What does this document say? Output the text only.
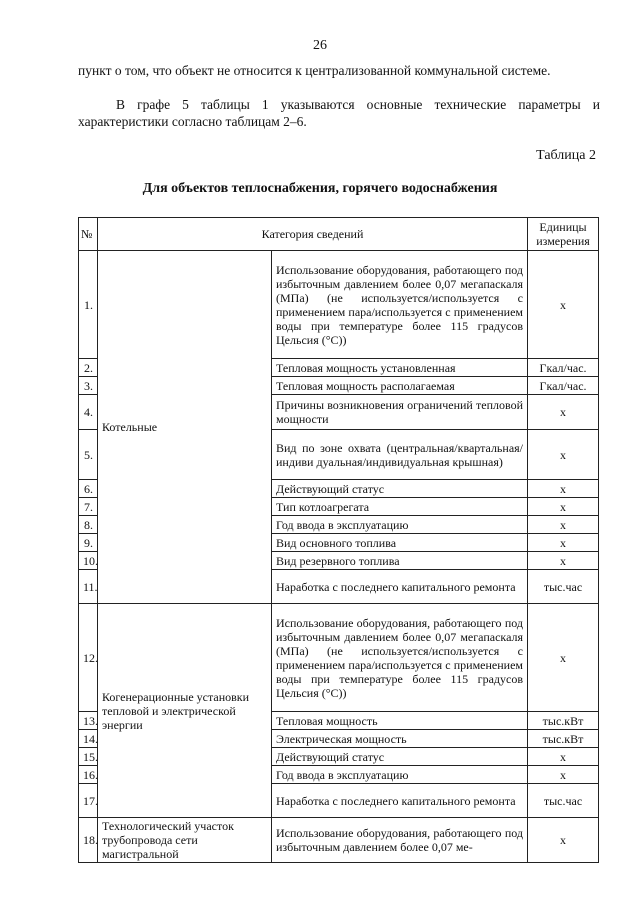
26
пункт о том, что объект не относится к централизованной коммунальной системе.
В графе 5 таблицы 1 указываются основные технические параметры и характеристики согласно таблицам 2–6.
Таблица 2
Для объектов теплоснабжения, горячего водоснабжения
№	Категория сведений		Единицы измерения
1.	Котельные	Использование оборудования, работающего под избыточным давлением более 0,07 мегапаскаля (МПа) (не используется/используется с применением пара/используется с применением воды при температуре более 115 градусов Цельсия (°С))	х
2.		Тепловая мощность установленная	Гкал/час.
3.		Тепловая мощность располагаемая	Гкал/час.
4.		Причины возникновения ограничений тепловой мощности	х
5.		Вид по зоне охвата (центральная/квартальная/индиви дуальная/индивидуальная крышная)	х
6.		Действующий статус	х
7.		Тип котлоагрегата	х
8.		Год ввода в эксплуатацию	х
9.		Вид основного топлива	х
10.		Вид резервного топлива	х
11.		Наработка с последнего капитального ремонта	тыс.час
12.	Когенерационные установки тепловой и электрической энергии	Использование оборудования, работающего под избыточным давлением более 0,07 мегапаскаля (МПа) (не используется/используется с применением пара/используется с применением воды при температуре более 115 градусов Цельсия (°С))	х
13.		Тепловая мощность	тыс.кВт
14.		Электрическая мощность	тыс.кВт
15.		Действующий статус	х
16.		Год ввода в эксплуатацию	х
17.		Наработка с последнего капитального ремонта	тыс.час
18.	Технологический участок трубопровода сети магистральной	Использование оборудования, работающего под избыточным давлением более 0,07 ме-	х
